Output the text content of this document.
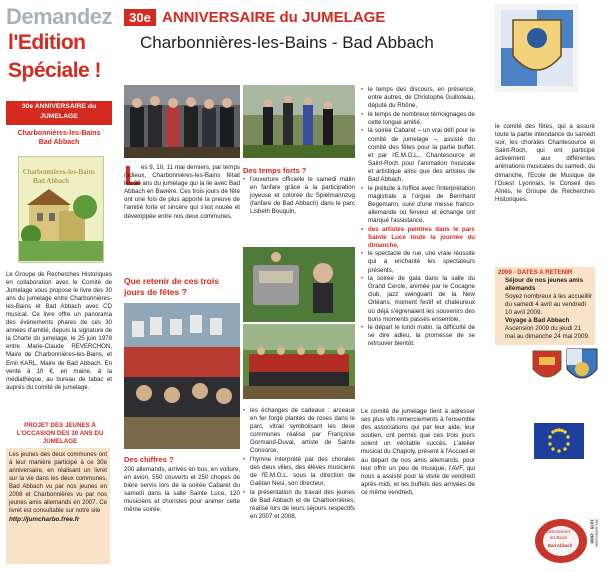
Demandez
l'Edition
Spéciale !
30e ANNIVERSAIRE du
JUMELAGE
Charbonnières-les-Bains
Bad Abbach
Charbonnières-les-Bains
Bad Abbach

Le Groupe de Recherches Historiques en collaboration avec le Comité de Jumelage vous propose le livre des 30 ans du jumelage entre Charbonnières-les-Bains et Bad Abbach avec CD musical. Ce livre offre un panorama des événements phares de ces 30 années d'amitié, depuis la signature de la Charte du jumelage, le 25 juin 1978 entre Marie-Claude REVERCHON, Maire de Charbonnières-les-Bains, et Emil KARL, Maire de Bad Abbach. En vente à 10 €, en mairie, à la médiathèque, au bureau de tabac et auprès du comité de jumelage.

PROJET DES JEUNES À L'OCCASION DES 30 ANS DU JUMELAGE
Les jeunes des deux communes ont à leur manière participé à ce 30e anniversaire, en réalisant un livret sur la vie dans les deux communes, Bad Abbach vu par nos jeunes en 2008 et Charbonnières vu par nos jeunes amis allemands en 2007. Ce livret est consultable sur notre site
http://jumcharbo.free.fr
30e ANNIVERSAIRE du JUMELAGE
Charbonnières-les-Bains - Bad Abbach
L es 9, 10, 11 mai derniers, par temps radieux, Charbonnières-les-Bains fêtait les 30 ans du jumelage qui la lie avec Bad Abbach en Bavière. Ces trois jours de fête ont une fois de plus apporté la preuve de l'amitié forte et sincère qui s'est nouée et développée entre nos deux communes.
Que retenir de ces trois jours de fêtes ?
Des chiffres ?
200 allemands, arrivés en bus, en voiture, en avion, 550 couverts et 250 chopes de bière servis lors de la soirée Cabaret du samedi dans la salle Sainte Luce, 120 musiciens et choristes pour animer cette même soirée.
Des temps forts ?
• l'ouverture officielle le samedi matin en fanfare grâce à la participation joyeuse et colorée du Spielmannzug (fanfare de Bad Abbach) dans le parc Lisbeth Bouquin,
• les échanges de cadeaux : arceaux en fer forgé plantés de roses dans le parc, vitrail symbolisant les deux communes réalisé par Françoise Gormand-Duval, artiste de Sainte Consorce,
• l'hymne interprété par des chorales des deux villes, des élèves musiciens de l'E.M.O.L. sous la direction de Gaëtan Nesi, son directeur,
• la présentation du travail des jeunes de Bad Abbach et de Charbonnières, réalisé lors de leurs séjours respectifs en 2007 et 2008,
• le temps des discours, en présence, entre autres, de Christophe Guilloteau, député du Rhône,
• le temps de nombreux témoignages de cette longue amitié,
• la soirée Cabaret – un vrai défi pour le comité de jumelage –, assisté du comité des fêtes pour la partie buffet, et par l'E.M.O.L., Chantesource et Saint-Roch pour l'animation musicale et artistique ainsi que des artistes de Bad Abbach,
• le prélude à l'office avec l'interprétation magistrale à l'orgue de Bernhard Begemann, suivi d'une messe franco-allemande où ferveur et échange ont marqué l'assistance,
• des artistes peintres dans le parc Sainte Luce toute la journée du dimanche,
• le spectacle de rue, une vraie réussite qui a enchanté les spectateurs présents,
• la soirée de gala dans la salle du Grand Cercle, animée par le Cocagne club, jazz swinguant de la New Orléans, moment festif et chaleureux où déjà s'égrenaient les souvenirs des bons moments passés ensemble,
• le départ le lundi matin, la difficulté de se dire adieu, la promesse de se retrouver bientôt.
Le comité de jumelage tient à adresser ses plus vifs remerciements à l'ensemble des associations qui par leur aide, leur soutien, ont permis que ces trois jours soient un véritable succès. L'atelier musical du Chapoly, présent à l'Accueil et au départ de nos amis allemands, pour leur offrir un peu de musique, l'AVF, qui nous a assisté pour la visite de vendredi après-midi, et les buffets des arrivées de ce même vendredi,
le comité des fêtes, qui a assuré toute la partie intendance du samedi soir, les chorales Chantesource et Saint-Roch, qui ont participé activement aux différentes animations musicales du samedi, du dimanche, l'Ecole de Musique de l'Ouest Lyonnais, le Conseil des Aînés, le Groupe de Recherches Historiques.
2009 - DATES A RETENIR
Séjour de nos jeunes amis allemands
Soyez nombreux à les accueillir du samedi 4 avril au vendredi 10 avril 2009.
Voyage à Bad Abbach
Ascension 2009 du jeudi 21 mai au dimanche 24 mai 2009.
Charbonnières
les Bains
Bad Abbach
1978 · 2008 30e anniversaire
